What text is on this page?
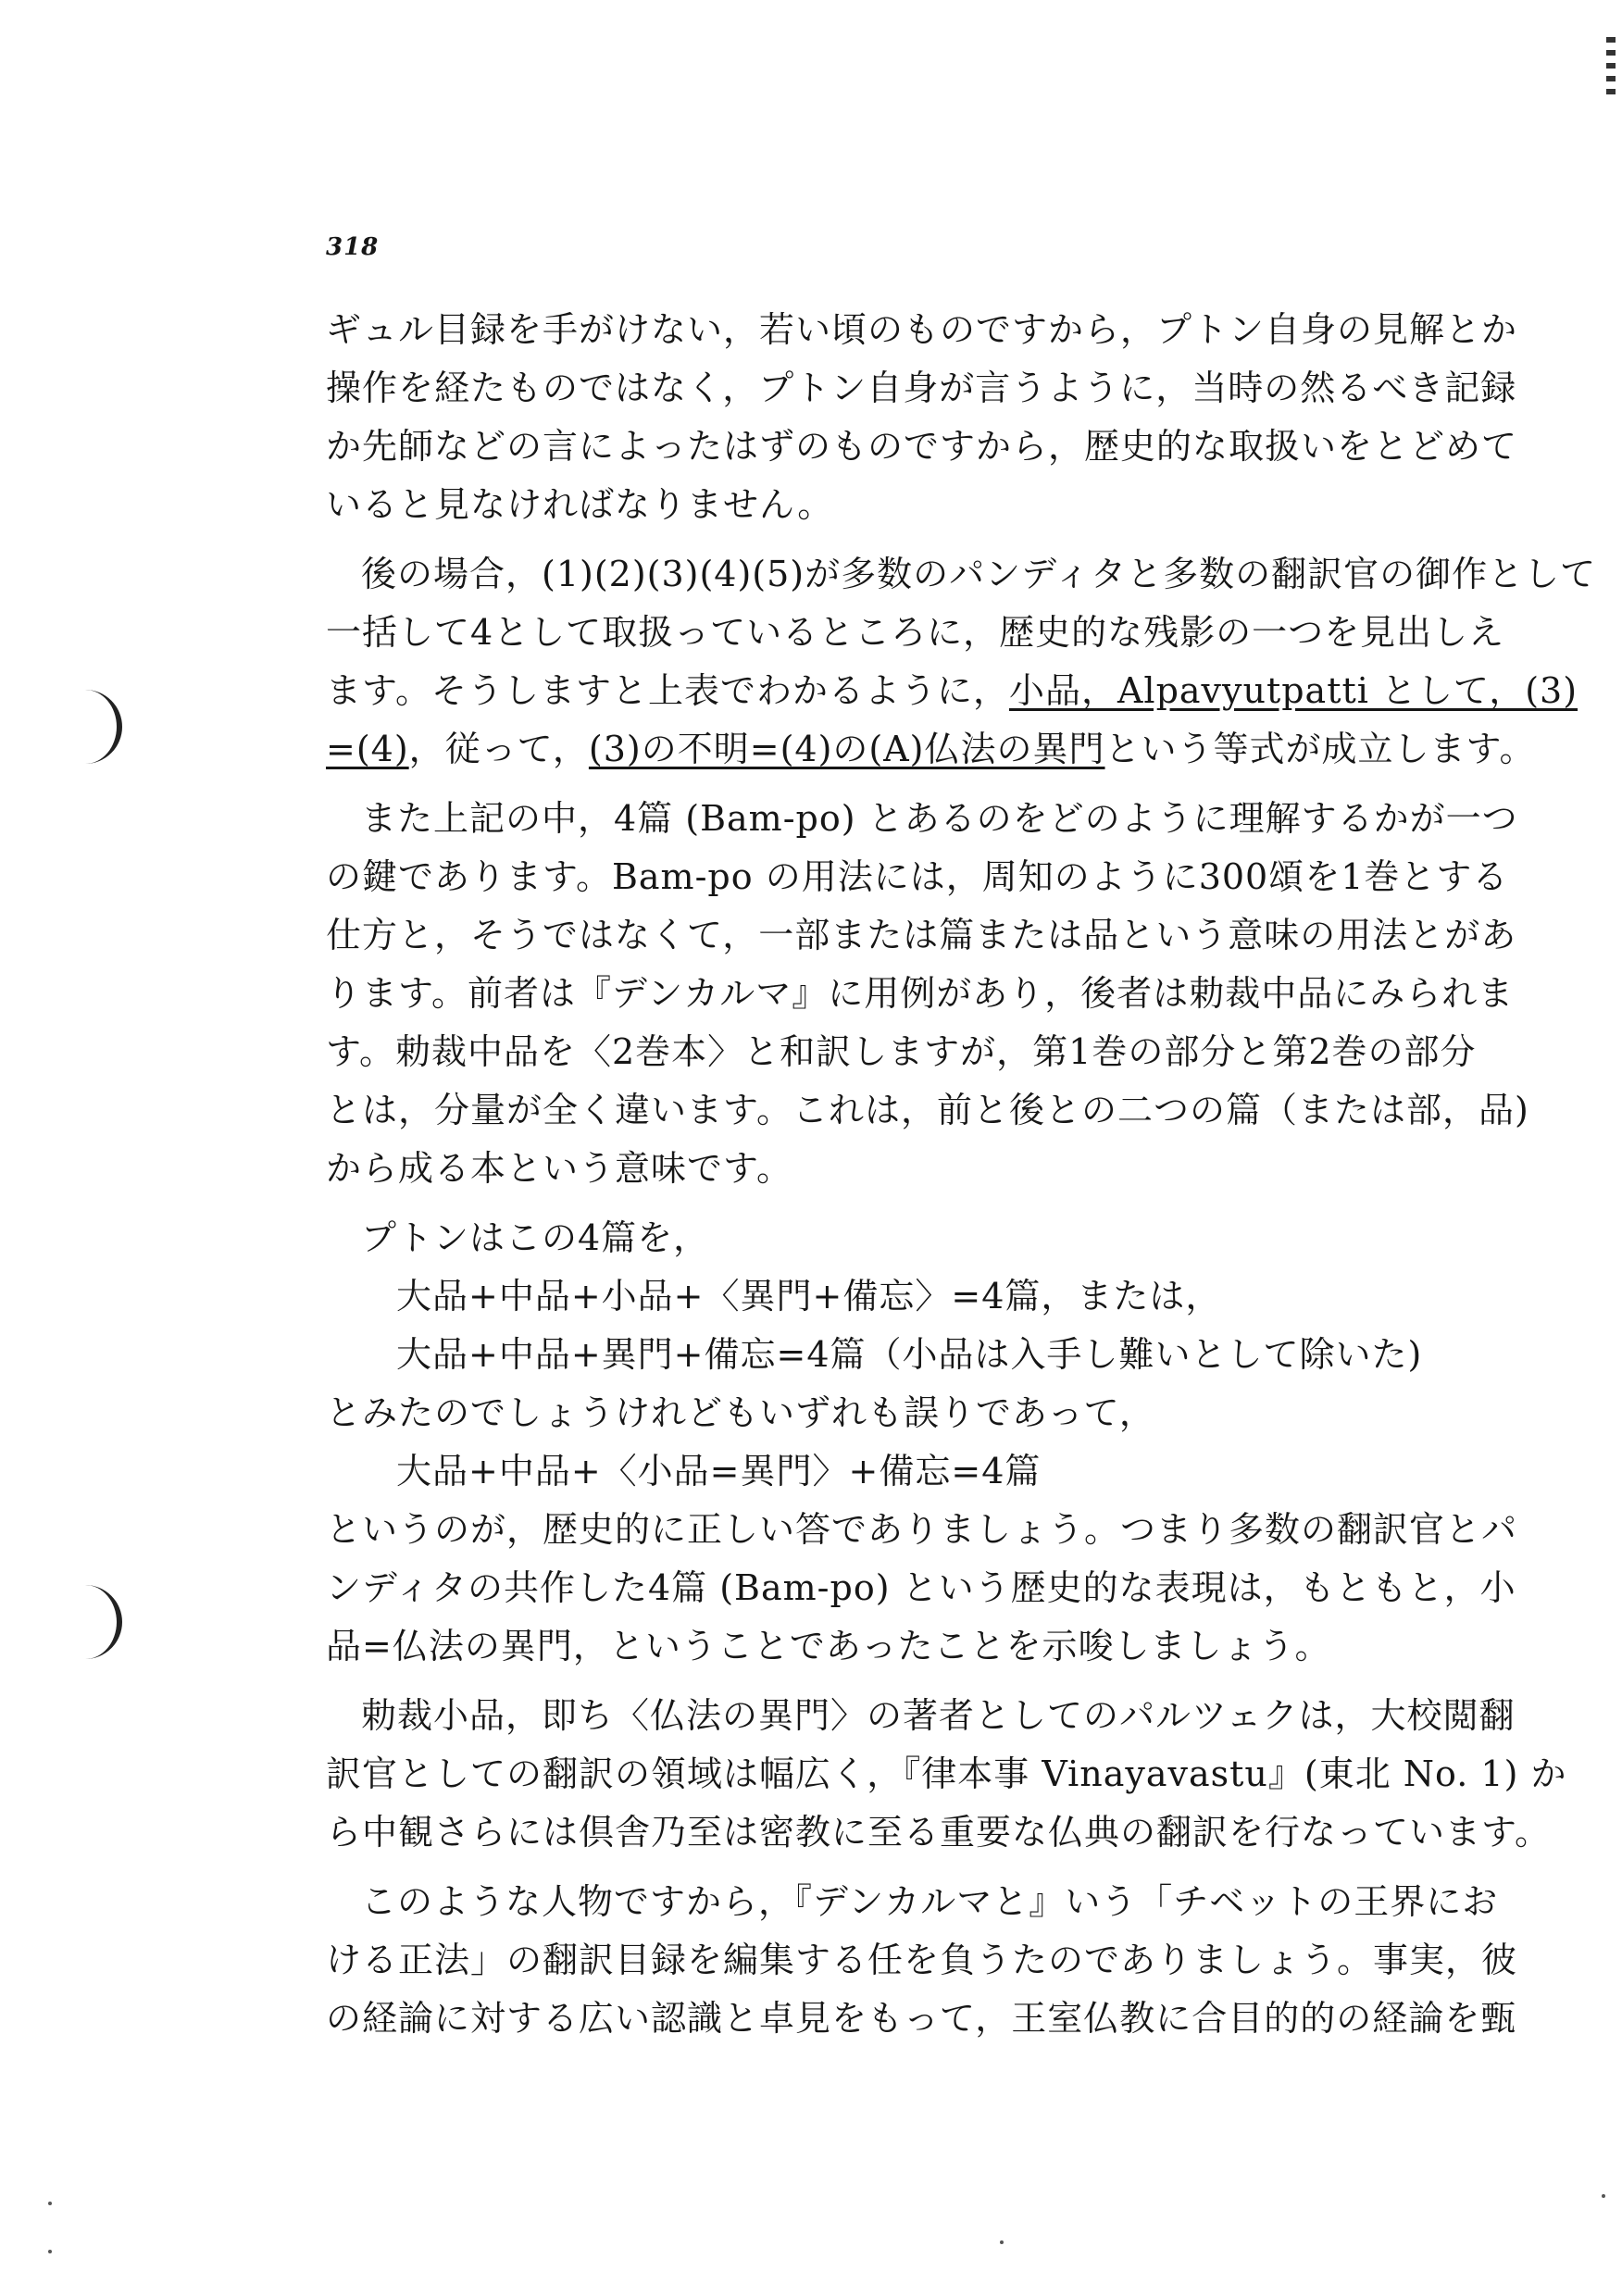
318
ギュル目録を手がけない，若い頃のものですから，プトン自身の見解とか
操作を経たものではなく，プトン自身が言うように，当時の然るべき記録
か先師などの言によったはずのものですから，歴史的な取扱いをとどめて
いると見なければなりません。
後の場合，(1)(2)(3)(4)(5)が多数のパンディタと多数の翻訳官の御作として
一括して4として取扱っているところに，歴史的な残影の一つを見出しえ
ます。そうしますと上表でわかるように，小品，Alpavyutpatti として，(3)
=(4)，従って，(3)の不明=(4)の(A)仏法の異門という等式が成立します。
また上記の中，4篇 (Bam-po) とあるのをどのように理解するかが一つ
の鍵であります。Bam-po の用法には，周知のように300頌を1巻とする
仕方と，そうではなくて，一部または篇または品という意味の用法とがあ
ります。前者は『デンカルマ』に用例があり，後者は勅裁中品にみられま
す。勅裁中品を〈2巻本〉と和訳しますが，第1巻の部分と第2巻の部分
とは，分量が全く違います。これは，前と後との二つの篇（または部，品)
から成る本という意味です。
プトンはこの4篇を，
大品+中品+小品+〈異門+備忘〉=4篇，または，
大品+中品+異門+備忘=4篇（小品は入手し難いとして除いた)
とみたのでしょうけれどもいずれも誤りであって，
大品+中品+〈小品=異門〉+備忘=4篇
というのが，歴史的に正しい答でありましょう。つまり多数の翻訳官とパ
ンディタの共作した4篇 (Bam-po) という歴史的な表現は，もともと，小
品=仏法の異門，ということであったことを示唆しましょう。
勅裁小品，即ち〈仏法の異門〉の著者としてのパルツェクは，大校閲翻
訳官としての翻訳の領域は幅広く，『律本事 Vinayavastu』(東北 No. 1) か
ら中観さらには倶舎乃至は密教に至る重要な仏典の翻訳を行なっています。
このような人物ですから，『デンカルマと』いう「チベットの王界にお
ける正法」の翻訳目録を編集する任を負うたのでありましょう。事実，彼
の経論に対する広い認識と卓見をもって，王室仏教に合目的的の経論を甄
